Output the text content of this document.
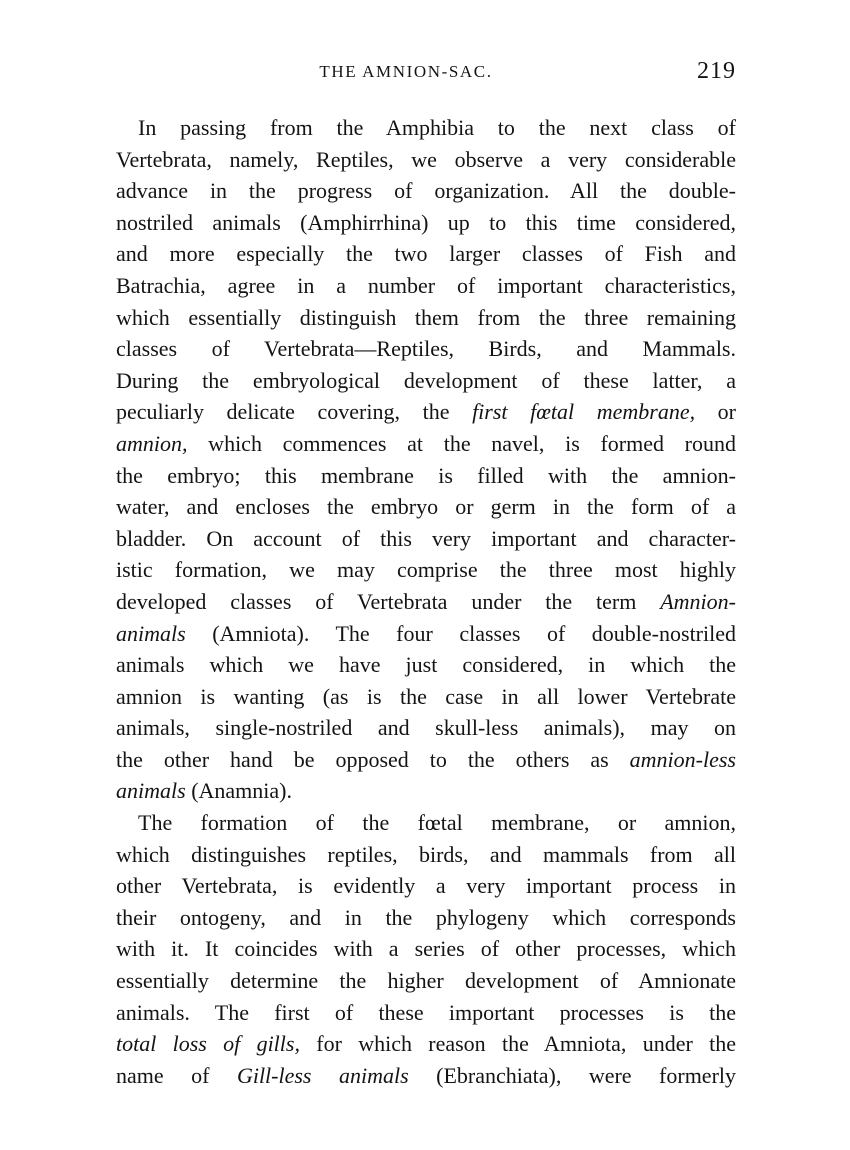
THE AMNION-SAC.	219
In passing from the Amphibia to the next class of
Vertebrata, namely, Reptiles, we observe a very considerable
advance in the progress of organization. All the double-
nostriled animals (Amphirrhina) up to this time considered,
and more especially the two larger classes of Fish and
Batrachia, agree in a number of important characteristics,
which essentially distinguish them from the three remaining
classes of Vertebrata—Reptiles, Birds, and Mammals.
During the embryological development of these latter, a
peculiarly delicate covering, the first fœtal membrane, or
amnion, which commences at the navel, is formed round
the embryo; this membrane is filled with the amnion-
water, and encloses the embryo or germ in the form of a
bladder. On account of this very important and character-
istic formation, we may comprise the three most highly
developed classes of Vertebrata under the term Amnion-
animals (Amniota). The four classes of double-nostriled
animals which we have just considered, in which the
amnion is wanting (as is the case in all lower Vertebrate
animals, single-nostriled and skull-less animals), may on
the other hand be opposed to the others as amnion-less
animals (Anamnia).
The formation of the fœtal membrane, or amnion,
which distinguishes reptiles, birds, and mammals from all
other Vertebrata, is evidently a very important process in
their ontogeny, and in the phylogeny which corresponds
with it. It coincides with a series of other processes, which
essentially determine the higher development of Amnionate
animals. The first of these important processes is the
total loss of gills, for which reason the Amniota, under the
name of Gill-less animals (Ebranchiata), were formerly
